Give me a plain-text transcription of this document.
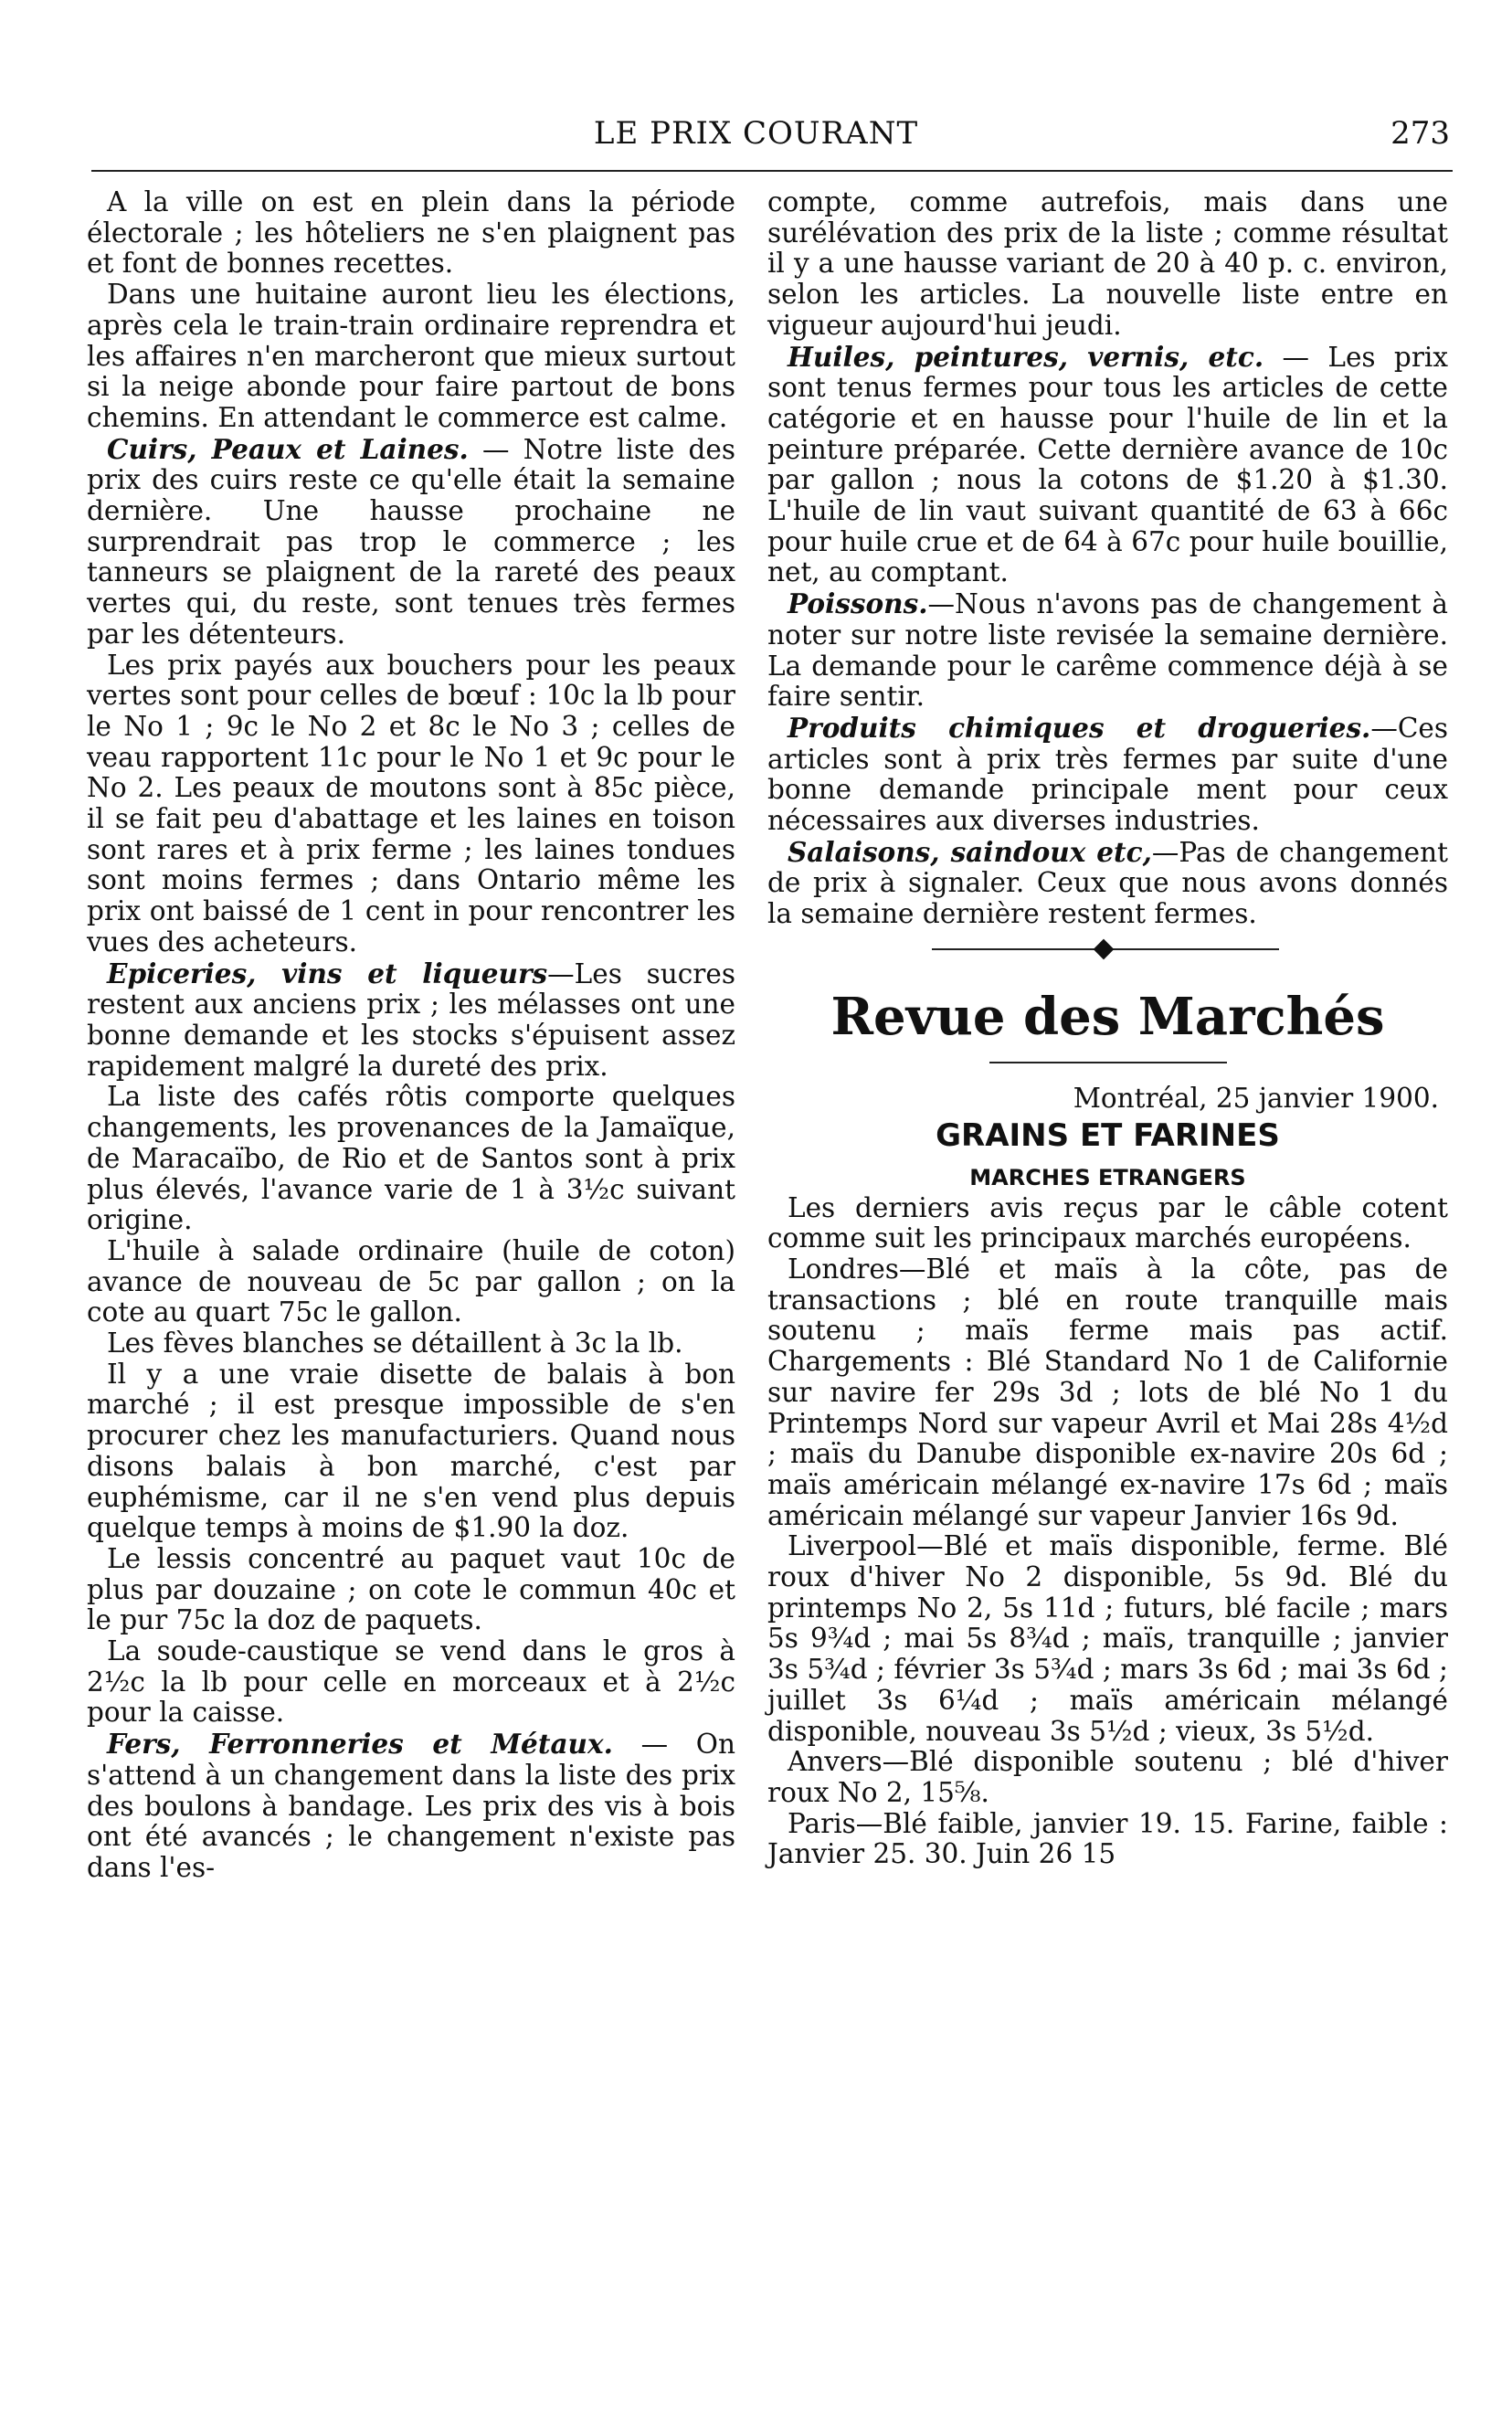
LE PRIX COURANT	273

A la ville on est en plein dans la période électorale ; les hôteliers ne s'en plaignent pas et font de bonnes recettes.

Dans une huitaine auront lieu les élections, après cela le train-train ordinaire reprendra et les affaires n'en marcheront que mieux surtout si la neige abonde pour faire partout de bons chemins. En attendant le commerce est calme.

Cuirs, Peaux et Laines. — Notre liste des prix des cuirs reste ce qu'elle était la semaine dernière. Une hausse prochaine ne surprendrait pas trop le commerce ; les tanneurs se plaignent de la rareté des peaux vertes qui, du reste, sont tenues très fermes par les détenteurs.

Les prix payés aux bouchers pour les peaux vertes sont pour celles de bœuf : 10c la lb pour le No 1 ; 9c le No 2 et 8c le No 3 ; celles de veau rapportent 11c pour le No 1 et 9c pour le No 2. Les peaux de moutons sont à 85c pièce, il se fait peu d'abattage et les laines en toison sont rares et à prix ferme ; les laines tondues sont moins fermes ; dans Ontario même les prix ont baissé de 1 cent in pour rencontrer les vues des acheteurs.

Epiceries, vins et liqueurs—Les sucres restent aux anciens prix ; les mélasses ont une bonne demande et les stocks s'épuisent assez rapidement malgré la dureté des prix.

La liste des cafés rôtis comporte quelques changements, les provenances de la Jamaïque, de Maracaïbo, de Rio et de Santos sont à prix plus élevés, l'avance varie de 1 à 3½c suivant origine.

L'huile à salade ordinaire (huile de coton) avance de nouveau de 5c par gallon ; on la cote au quart 75c le gallon.

Les fèves blanches se détaillent à 3c la lb.

Il y a une vraie disette de balais à bon marché ; il est presque impossible de s'en procurer chez les manufacturiers. Quand nous disons balais à bon marché, c'est par euphémisme, car il ne s'en vend plus depuis quelque temps à moins de $1.90 la doz.

Le lessis concentré au paquet vaut 10c de plus par douzaine ; on cote le commun 40c et le pur 75c la doz de paquets.

La soude-caustique se vend dans le gros à 2½c la lb pour celle en morceaux et à 2½c pour la caisse.

Fers, Ferronneries et Métaux. — On s'attend à un changement dans la liste des prix des boulons à bandage. Les prix des vis à bois ont été avancés ; le changement n'existe pas dans l'es-

compte, comme autrefois, mais dans une surélévation des prix de la liste ; comme résultat il y a une hausse variant de 20 à 40 p. c. environ, selon les articles. La nouvelle liste entre en vigueur aujourd'hui jeudi.

Huiles, peintures, vernis, etc. — Les prix sont tenus fermes pour tous les articles de cette catégorie et en hausse pour l'huile de lin et la peinture préparée. Cette dernière avance de 10c par gallon ; nous la cotons de $1.20 à $1.30. L'huile de lin vaut suivant quantité de 63 à 66c pour huile crue et de 64 à 67c pour huile bouillie, net, au comptant.

Poissons.—Nous n'avons pas de changement à noter sur notre liste revisée la semaine dernière. La demande pour le carême commence déjà à se faire sentir.

Produits chimiques et drogueries.—Ces articles sont à prix très fermes par suite d'une bonne demande principale ment pour ceux nécessaires aux diverses industries.

Salaisons, saindoux etc,—Pas de changement de prix à signaler. Ceux que nous avons donnés la semaine dernière restent fermes.

Revue des Marchés

Montréal, 25 janvier 1900.

GRAINS ET FARINES
MARCHES ETRANGERS

Les derniers avis reçus par le câble cotent comme suit les principaux marchés européens.

Londres—Blé et maïs à la côte, pas de transactions ; blé en route tranquille mais soutenu ; maïs ferme mais pas actif. Chargements : Blé Standard No 1 de Californie sur navire fer 29s 3d ; lots de blé No 1 du Printemps Nord sur vapeur Avril et Mai 28s 4½d ; maïs du Danube disponible ex-navire 20s 6d ; maïs américain mélangé ex-navire 17s 6d ; maïs américain mélangé sur vapeur Janvier 16s 9d.

Liverpool—Blé et maïs disponible, ferme. Blé roux d'hiver No 2 disponible, 5s 9d. Blé du printemps No 2, 5s 11d ; futurs, blé facile ; mars 5s 9¾d ; mai 5s 8¾d ; maïs, tranquille ; janvier 3s 5¾d ; février 3s 5¾d ; mars 3s 6d ; mai 3s 6d ; juillet 3s 6¼d ; maïs américain mélangé disponible, nouveau 3s 5½d ; vieux, 3s 5½d.

Anvers—Blé disponible soutenu ; blé d'hiver roux No 2, 15⅝.

Paris—Blé faible, janvier 19. 15. Farine, faible : Janvier 25. 30. Juin 26 15
